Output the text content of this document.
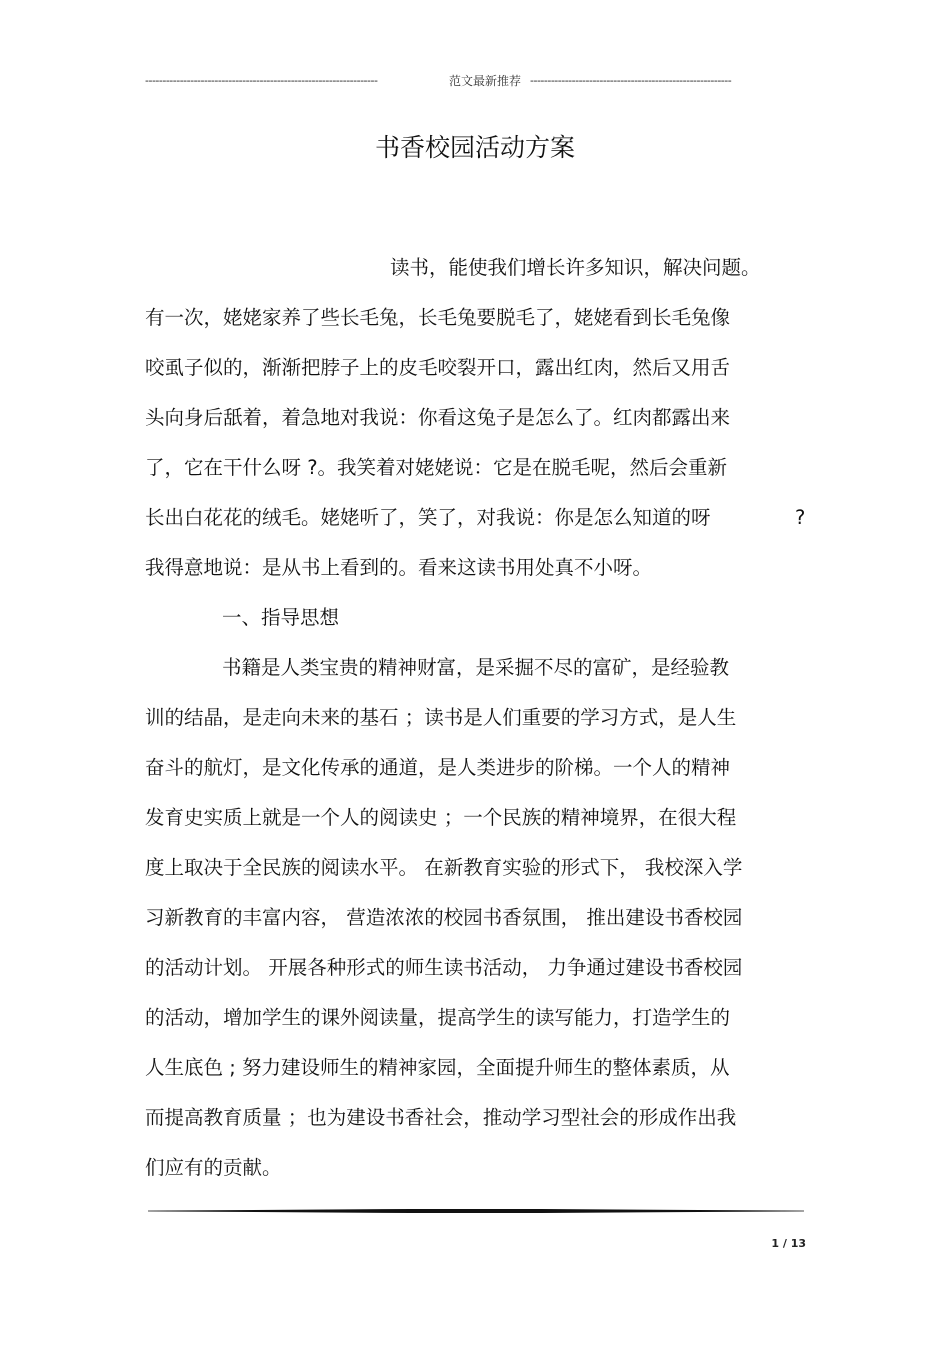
-------------------------------------------------------------------	范文最新推荐 ----------------------------------------------------------
书香校园活动方案
读书，能使我们增长许多知识，解决问题。
有一次，姥姥家养了些长毛兔，长毛兔要脱毛了，姥姥看到长毛兔像
咬虱子似的，渐渐把脖子上的皮毛咬裂开口，露出红肉，然后又用舌
头向身后舐着，着急地对我说：你看这兔子是怎么了。红肉都露出来
了，它在干什么呀 ?。我笑着对姥姥说：它是在脱毛呢，然后会重新
长出白花花的绒毛。姥姥听了，笑了，对我说：你是怎么知道的呀	?
我得意地说：是从书上看到的。看来这读书用处真不小呀。
一、指导思想
书籍是人类宝贵的精神财富，是采掘不尽的富矿，是经验教
训的结晶，是走向未来的基石 ；读书是人们重要的学习方式，是人生
奋斗的航灯，是文化传承的通道，是人类进步的阶梯。一个人的精神
发育史实质上就是一个人的阅读史 ；一个民族的精神境界，在很大程
度上取决于全民族的阅读水平。 在新教育实验的形式下， 我校深入学
习新教育的丰富内容， 营造浓浓的校园书香氛围， 推出建设书香校园
的活动计划。 开展各种形式的师生读书活动， 力争通过建设书香校园
的活动，增加学生的课外阅读量，提高学生的读写能力，打造学生的
人生底色 ; 努力建设师生的精神家园，全面提升师生的整体素质，从
而提高教育质量 ；也为建设书香社会，推动学习型社会的形成作出我
们应有的贡献。
1 / 13
